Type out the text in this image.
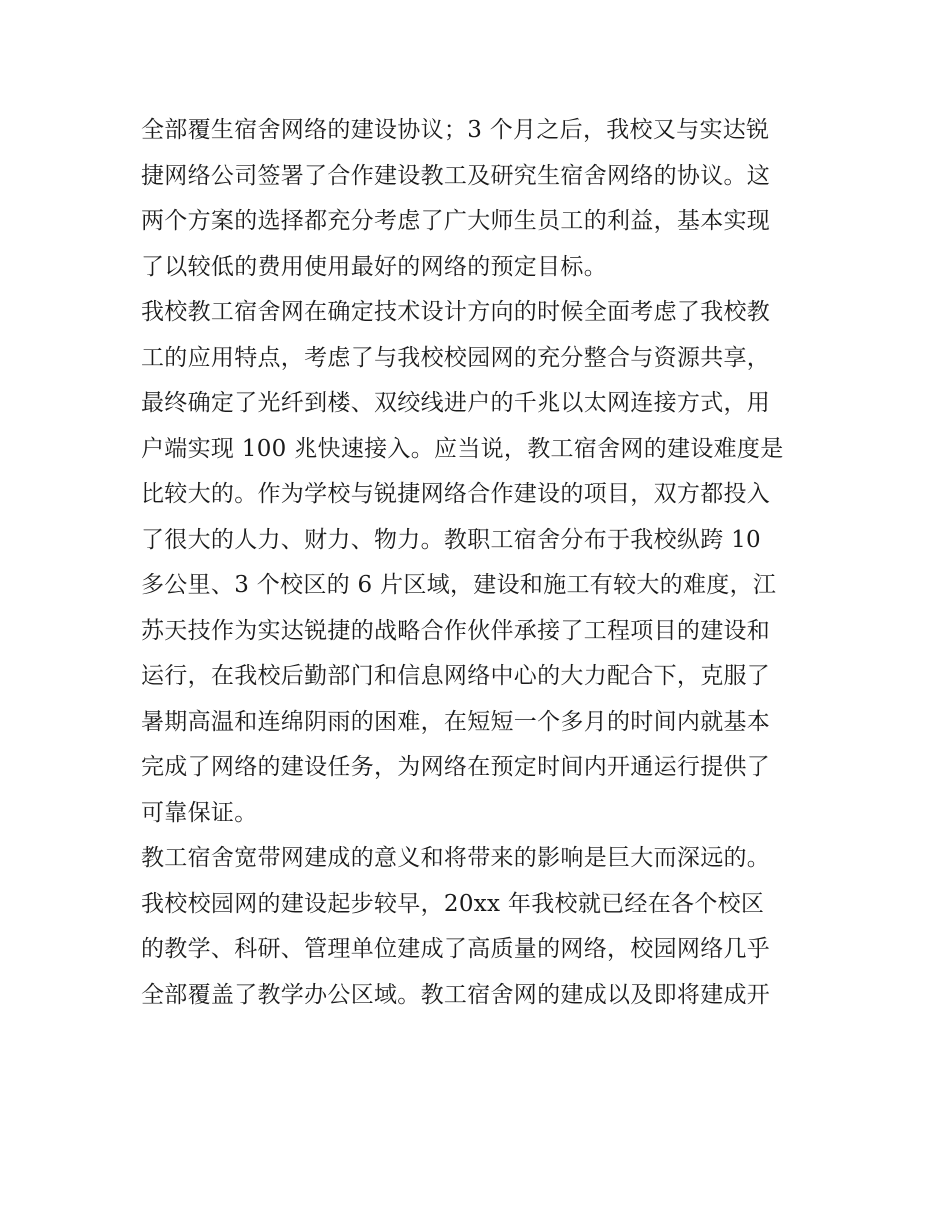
全部覆生宿舍网络的建设协议；3 个月之后，我校又与实达锐
捷网络公司签署了合作建设教工及研究生宿舍网络的协议。这
两个方案的选择都充分考虑了广大师生员工的利益，基本实现
了以较低的费用使用最好的网络的预定目标。
我校教工宿舍网在确定技术设计方向的时候全面考虑了我校教
工的应用特点，考虑了与我校校园网的充分整合与资源共享，
最终确定了光纤到楼、双绞线进户的千兆以太网连接方式，用
户端实现 100 兆快速接入。应当说，教工宿舍网的建设难度是
比较大的。作为学校与锐捷网络合作建设的项目，双方都投入
了很大的人力、财力、物力。教职工宿舍分布于我校纵跨 10
多公里、3 个校区的 6 片区域，建设和施工有较大的难度，江
苏天技作为实达锐捷的战略合作伙伴承接了工程项目的建设和
运行，在我校后勤部门和信息网络中心的大力配合下，克服了
暑期高温和连绵阴雨的困难，在短短一个多月的时间内就基本
完成了网络的建设任务，为网络在预定时间内开通运行提供了
可靠保证。
教工宿舍宽带网建成的意义和将带来的影响是巨大而深远的。
我校校园网的建设起步较早，20xx 年我校就已经在各个校区
的教学、科研、管理单位建成了高质量的网络，校园网络几乎
全部覆盖了教学办公区域。教工宿舍网的建成以及即将建成开
